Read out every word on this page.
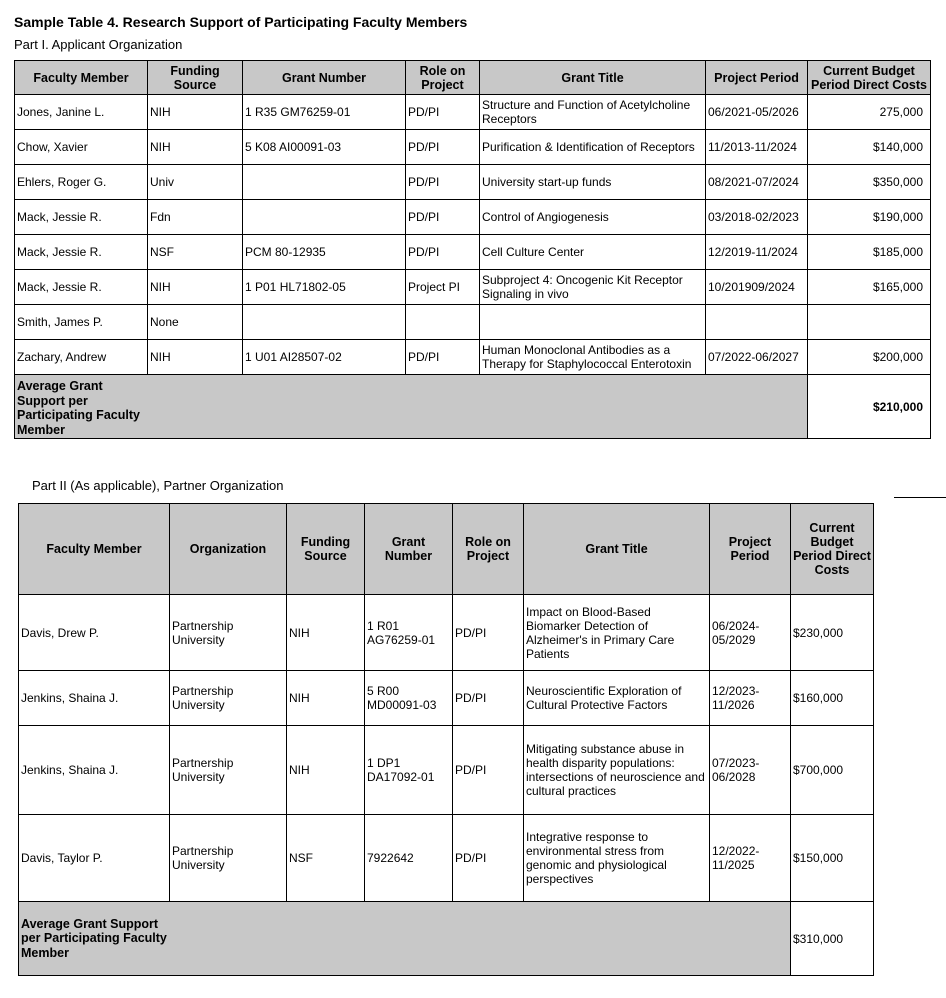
Sample Table 4. Research Support of Participating Faculty Members
Part I. Applicant Organization
Faculty Member	Funding Source	Grant Number	Role on Project	Grant Title	Project Period	Current Budget Period Direct Costs
Jones, Janine L.	NIH	1 R35 GM76259-01	PD/PI	Structure and Function of Acetylcholine Receptors	06/2021-05/2026	275,000
Chow, Xavier	NIH	5 K08 AI00091-03	PD/PI	Purification & Identification of Receptors	11/2013-11/2024	$140,000
Ehlers, Roger G.	Univ		PD/PI	University start-up funds	08/2021-07/2024	$350,000
Mack, Jessie R.	Fdn		PD/PI	Control of Angiogenesis	03/2018-02/2023	$190,000
Mack, Jessie R.	NSF	PCM 80-12935	PD/PI	Cell Culture Center	12/2019-11/2024	$185,000
Mack, Jessie R.	NIH	1 P01 HL71802-05	Project PI	Subproject 4: Oncogenic Kit Receptor Signaling in vivo	10/201909/2024	$165,000
Smith, James P.	None					
Zachary, Andrew	NIH	1 U01 AI28507-02	PD/PI	Human Monoclonal Antibodies as a Therapy for Staphylococcal Enterotoxin	07/2022-06/2027	$200,000

Average Grant Support per Participating Faculty Member						$210,000
Part II (As applicable), Partner Organization
Faculty Member	Organization	Funding Source	Grant Number	Role on Project	Grant Title	Project Period	Current Budget Period Direct Costs
Davis, Drew P.	Partnership University	NIH	1 R01 AG76259-01	PD/PI	Impact on Blood-Based Biomarker Detection of Alzheimer's in Primary Care Patients	06/2024-05/2029	$230,000
Jenkins, Shaina J.	Partnership University	NIH	5 R00 MD00091-03	PD/PI	Neuroscientific Exploration of Cultural Protective Factors	12/2023-11/2026	$160,000
Jenkins, Shaina J.	Partnership University	NIH	1 DP1 DA17092-01	PD/PI	Mitigating substance abuse in health disparity populations: intersections of neuroscience and cultural practices	07/2023-06/2028	$700,000
Davis, Taylor P.	Partnership University	NSF	7922642	PD/PI	Integrative response to environmental stress from genomic and physiological perspectives	12/2022-11/2025	$150,000

Average Grant Support per Participating Faculty Member							$310,000
